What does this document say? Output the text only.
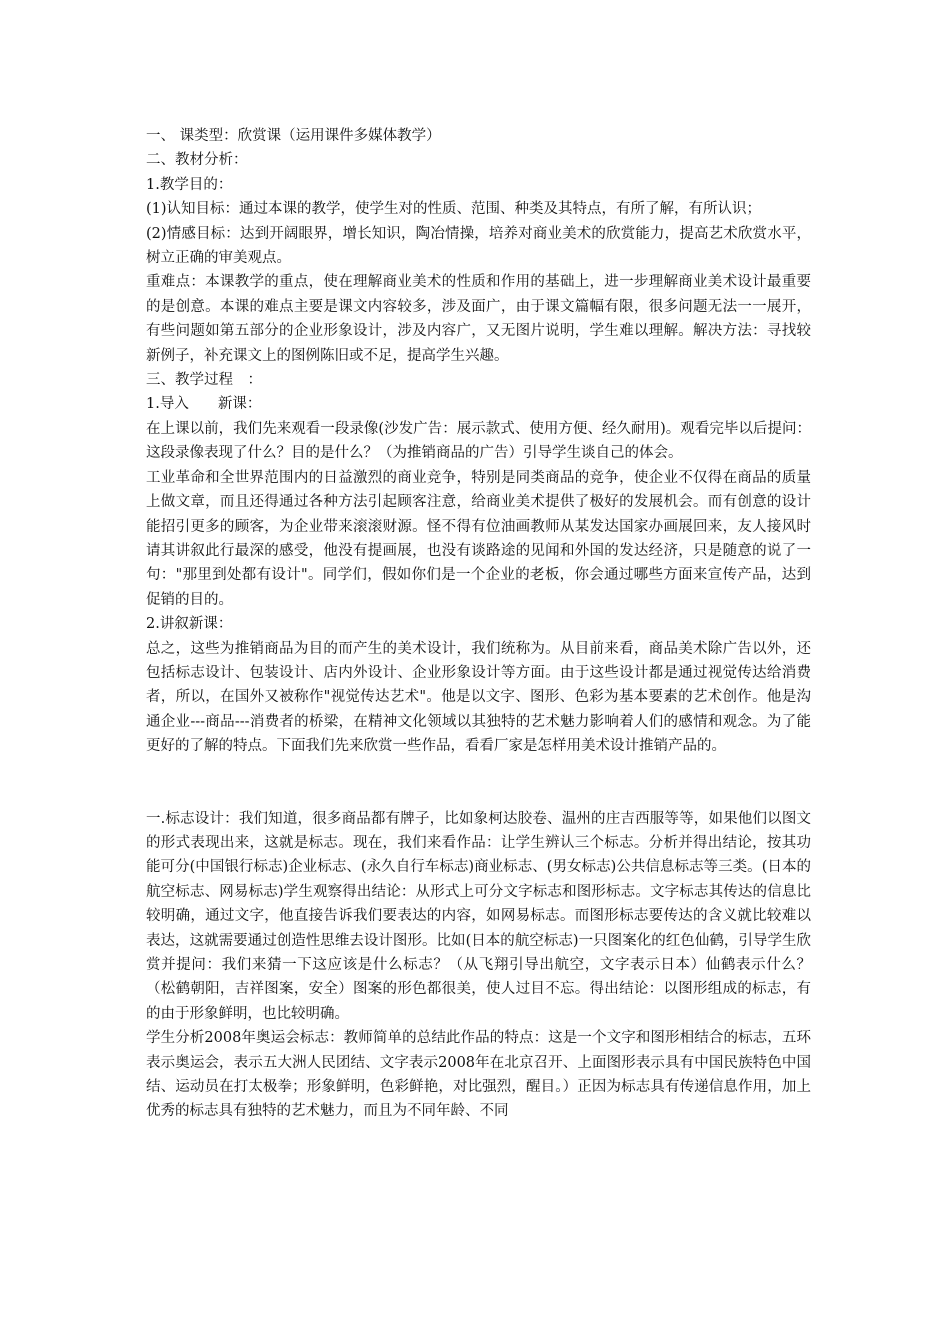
一、 课类型：欣赏课（运用课件多媒体教学）

二、教材分析：

1.教学目的：

(1)认知目标：通过本课的教学，使学生对的性质、范围、种类及其特点，有所了解，有所认识；

(2)情感目标：达到开阔眼界，增长知识，陶冶情操，培养对商业美术的欣赏能力，提高艺术欣赏水平，树立正确的审美观点。

重难点：本课教学的重点，使在理解商业美术的性质和作用的基础上，进一步理解商业美术设计最重要的是创意。本课的难点主要是课文内容较多，涉及面广，由于课文篇幅有限，很多问题无法一一展开，有些问题如第五部分的企业形象设计，涉及内容广，又无图片说明，学生难以理解。解决方法：寻找较新例子，补充课文上的图例陈旧或不足，提高学生兴趣。

三、教学过程　：

1.导入　　新课：

在上课以前，我们先来观看一段录像(沙发广告：展示款式、使用方便、经久耐用)。观看完毕以后提问：这段录像表现了什么？目的是什么？（为推销商品的广告）引导学生谈自己的体会。

工业革命和全世界范围内的日益激烈的商业竞争，特别是同类商品的竞争，使企业不仅得在商品的质量上做文章，而且还得通过各种方法引起顾客注意，给商业美术提供了极好的发展机会。而有创意的设计能招引更多的顾客，为企业带来滚滚财源。怪不得有位油画教师从某发达国家办画展回来，友人接风时请其讲叙此行最深的感受，他没有提画展，也没有谈路途的见闻和外国的发达经济，只是随意的说了一句："那里到处都有设计"。同学们，假如你们是一个企业的老板，你会通过哪些方面来宣传产品，达到促销的目的。

2.讲叙新课：

总之，这些为推销商品为目的而产生的美术设计，我们统称为。从目前来看，商品美术除广告以外，还包括标志设计、包装设计、店内外设计、企业形象设计等方面。由于这些设计都是通过视觉传达给消费者，所以，在国外又被称作"视觉传达艺术"。他是以文字、图形、色彩为基本要素的艺术创作。他是沟通企业---商品---消费者的桥梁，在精神文化领域以其独特的艺术魅力影响着人们的感情和观念。为了能更好的了解的特点。下面我们先来欣赏一些作品，看看厂家是怎样用美术设计推销产品的。

一.标志设计：我们知道，很多商品都有牌子，比如象柯达胶卷、温州的庄吉西服等等，如果他们以图文的形式表现出来，这就是标志。现在，我们来看作品：让学生辨认三个标志。分析并得出结论，按其功能可分(中国银行标志)企业标志、(永久自行车标志)商业标志、(男女标志)公共信息标志等三类。(日本的航空标志、网易标志)学生观察得出结论：从形式上可分文字标志和图形标志。文字标志其传达的信息比较明确，通过文字，他直接告诉我们要表达的内容，如网易标志。而图形标志要传达的含义就比较难以表达，这就需要通过创造性思维去设计图形。比如(日本的航空标志)一只图案化的红色仙鹤，引导学生欣赏并提问：我们来猜一下这应该是什么标志？（从飞翔引导出航空，文字表示日本）仙鹤表示什么？（松鹤朝阳，吉祥图案，安全）图案的形色都很美，使人过目不忘。得出结论：以图形组成的标志，有的由于形象鲜明，也比较明确。

学生分析2008年奥运会标志：教师简单的总结此作品的特点：这是一个文字和图形相结合的标志，五环表示奥运会，表示五大洲人民团结、文字表示2008年在北京召开、上面图形表示具有中国民族特色中国结、运动员在打太极拳；形象鲜明，色彩鲜艳，对比强烈，醒目。）正因为标志具有传递信息作用，加上优秀的标志具有独特的艺术魅力，而且为不同年龄、不同
